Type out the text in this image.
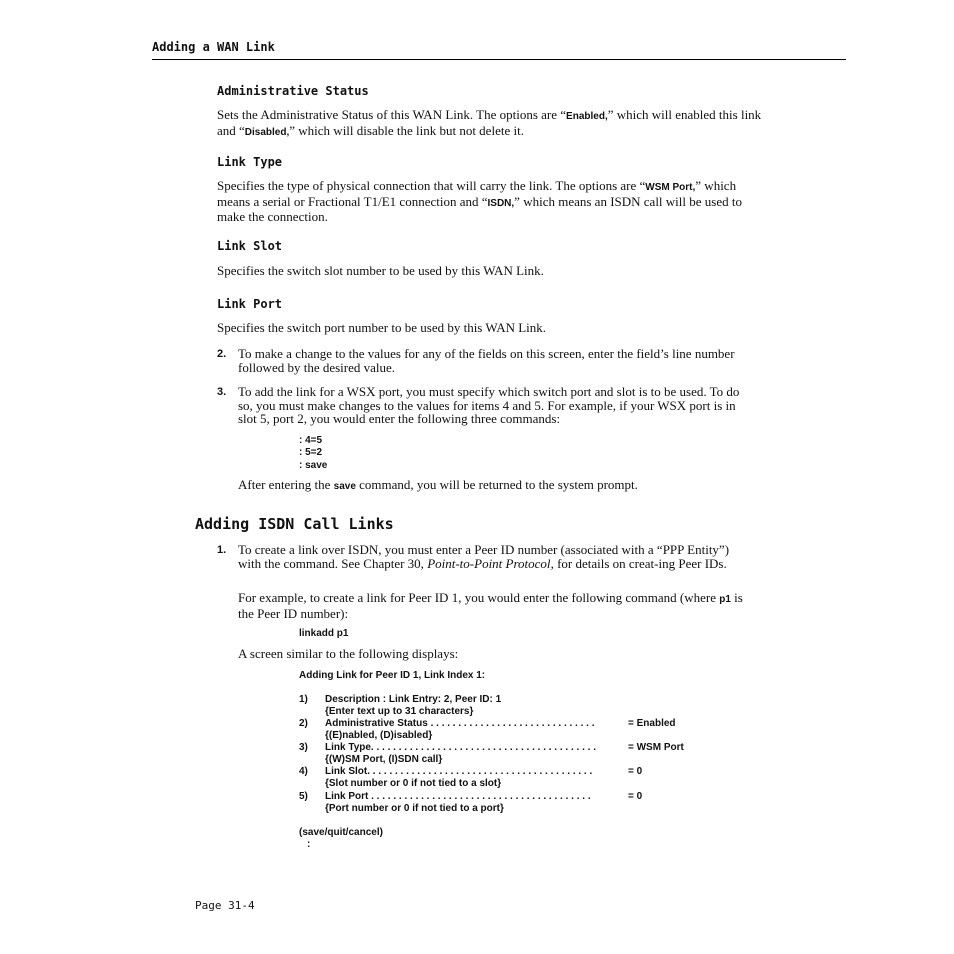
Adding a WAN Link
Administrative Status
Sets the Administrative Status of this WAN Link. The options are “Enabled,” which will enabled this link and “Disabled,” which will disable the link but not delete it.
Link Type
Specifies the type of physical connection that will carry the link. The options are “WSM Port,” which means a serial or Fractional T1/E1 connection and “ISDN,” which means an ISDN call will be used to make the connection.
Link Slot
Specifies the switch slot number to be used by this WAN Link.
Link Port
Specifies the switch port number to be used by this WAN Link.
2. To make a change to the values for any of the fields on this screen, enter the field’s line number followed by the desired value.
3. To add the link for a WSX port, you must specify which switch port and slot is to be used. To do so, you must make changes to the values for items 4 and 5. For example, if your WSX port is in slot 5, port 2, you would enter the following three commands:
: 4=5
: 5=2
: save
After entering the save command, you will be returned to the system prompt.
Adding ISDN Call Links
1. To create a link over ISDN, you must enter a Peer ID number (associated with a “PPP Entity”) with the command. See Chapter 30, Point-to-Point Protocol, for details on creat-ing Peer IDs.
For example, to create a link for Peer ID 1, you would enter the following command (where p1 is the Peer ID number):
linkadd p1
A screen similar to the following displays:
Adding Link for Peer ID 1, Link Index 1:
1) Description : Link Entry: 2, Peer ID: 1
{Enter text up to 31 characters}
2) Administrative Status . . . . . . . . . . . . . . . . . . . . . . . . . . . . . .	= Enabled
{(E)nabled, (D)isabled}
3) Link Type. . . . . . . . . . . . . . . . . . . . . . . . . . . . . . . . . . . . . . . . .	= WSM Port
{(W)SM Port, (I)SDN call}
4) Link Slot. . . . . . . . . . . . . . . . . . . . . . . . . . . . . . . . . . . . . . . . .	= 0
{Slot number or 0 if not tied to a slot}
5) Link Port . . . . . . . . . . . . . . . . . . . . . . . . . . . . . . . . . . . . . . . .	= 0
{Port number or 0 if not tied to a port}
(save/quit/cancel)
:
Page 31-4
